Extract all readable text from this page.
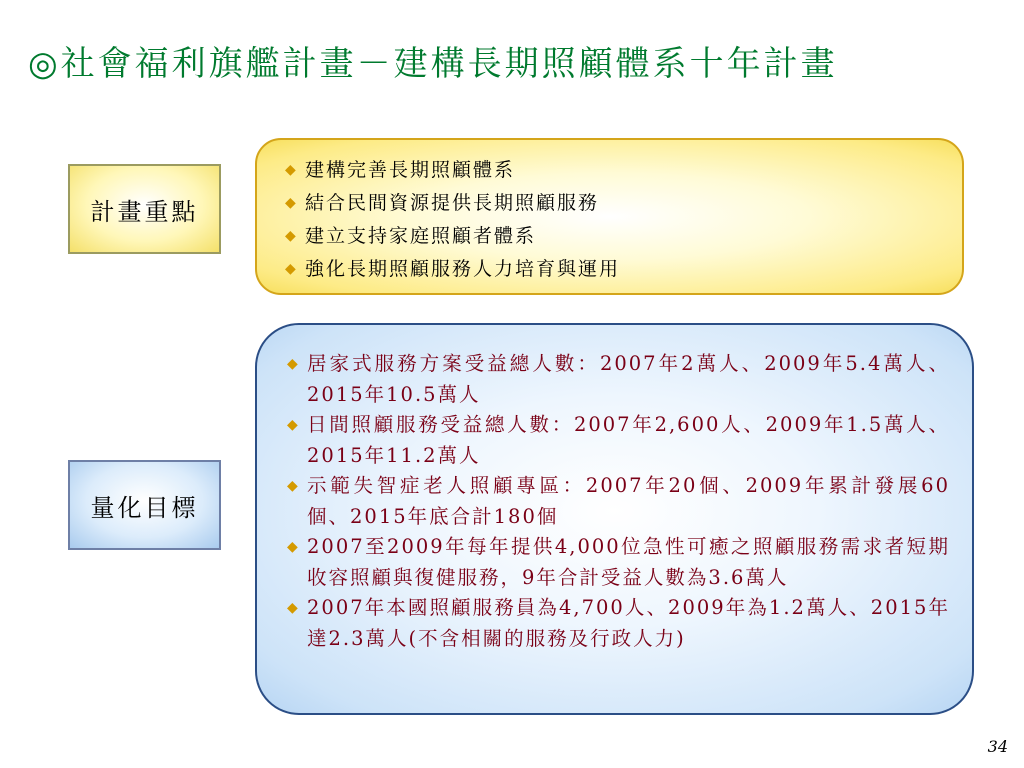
◎社會福利旗艦計畫－建構長期照顧體系十年計畫
計畫重點
◆ 建構完善長期照顧體系
◆ 結合民間資源提供長期照顧服務
◆ 建立支持家庭照顧者體系
◆ 強化長期照顧服務人力培育與運用
量化目標
◆ 居家式服務方案受益總人數：2007年2萬人、2009年5.4萬人、2015年10.5萬人
◆ 日間照顧服務受益總人數：2007年2,600人、2009年1.5萬人、2015年11.2萬人
◆ 示範失智症老人照顧專區：2007年20個、2009年累計發展60個、2015年底合計180個
◆ 2007至2009年每年提供4,000位急性可癒之照顧服務需求者短期收容照顧與復健服務，9年合計受益人數為3.6萬人
◆ 2007年本國照顧服務員為4,700人、2009年為1.2萬人、2015年達2.3萬人(不含相關的服務及行政人力)
34
